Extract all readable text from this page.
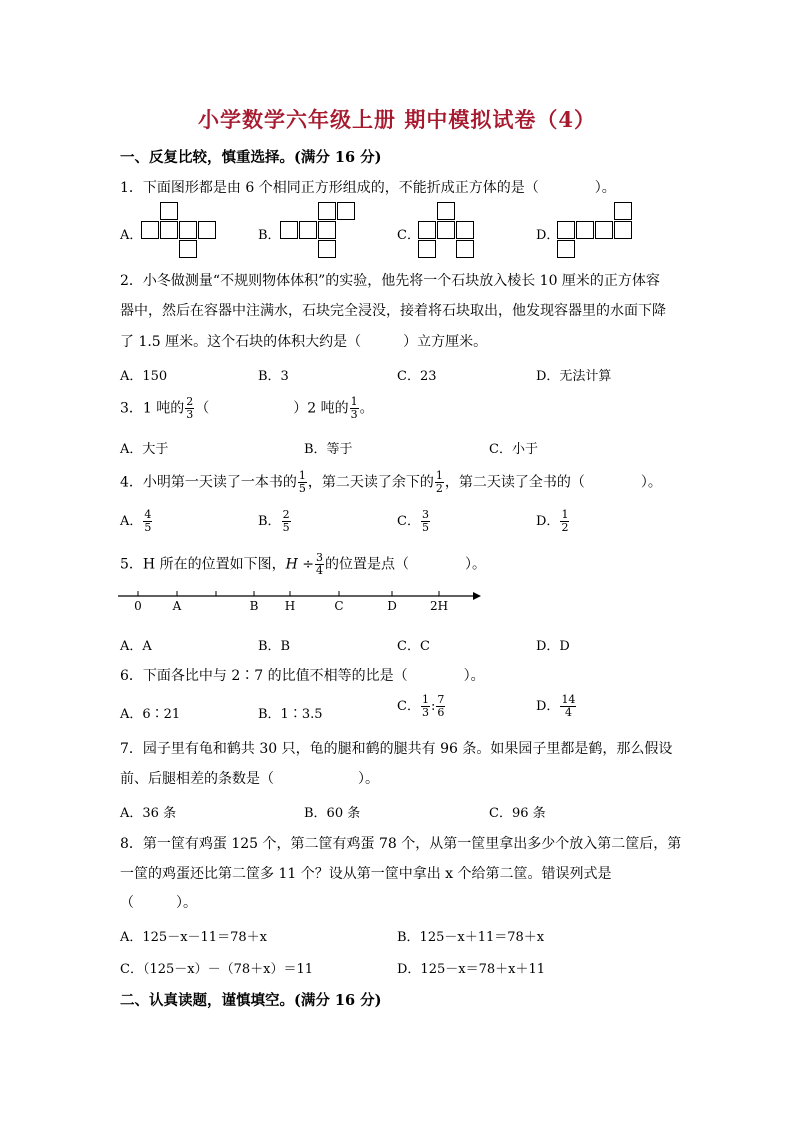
小学数学六年级上册 期中模拟试卷（4）
一、反复比较，慎重选择。(满分 16 分)
1．下面图形都是由 6 个相同正方形组成的，不能折成正方体的是（　　　　）。
A．	B．	C．	D．
2．小冬做测量“不规则物体体积”的实验，他先将一个石块放入棱长 10 厘米的正方体容
器中，然后在容器中注满水，石块完全浸没，接着将石块取出，他发现容器里的水面下降
了 1.5 厘米。这个石块的体积大约是（　　　）立方厘米。
A．150	B．3	C．23	D．无法计算
3．1 吨的 $\frac{2}{3}$ （　　　　　　）2 吨的 $\frac{1}{3}$ 。
A．大于	B．等于	C．小于
4．小明第一天读了一本书的 $\frac{1}{5}$ ，第二天读了余下的 $\frac{1}{2}$ ，第二天读了全书的（　　　　）。
A． $\frac{4}{5}$	B． $\frac{2}{5}$	C． $\frac{3}{5}$	D． $\frac{1}{2}$
5．H 所在的位置如下图，$H \div \frac{3}{4}$ 的位置是点（　　　　）。
0	A	B H	C	D	2H
A．A	B．B	C．C	D．D
6．下面各比中与 2∶7 的比值不相等的比是（　　　　）。
A．6∶21	B．1∶3.5
C． $\frac{1}{3}$ : $\frac{7}{6}$	D． $\frac{14}{4}$
7．园子里有龟和鹤共 30 只，龟的腿和鹤的腿共有 96 条。如果园子里都是鹤，那么假设
前、后腿相差的条数是（　　　　　　）。
A．36 条	B．60 条	C．96 条
8．第一筐有鸡蛋 125 个，第二筐有鸡蛋 78 个，从第一筐里拿出多少个放入第二筐后，第
一筐的鸡蛋还比第二筐多 11 个？设从第一筐中拿出 x 个给第二筐。错误列式是
（　　　）。
A．125－x－11＝78＋x	B．125－x＋11＝78＋x
C．（125－x）－（78＋x）＝11	D．125－x＝78＋x＋11
二、认真读题，谨慎填空。(满分 16 分)
